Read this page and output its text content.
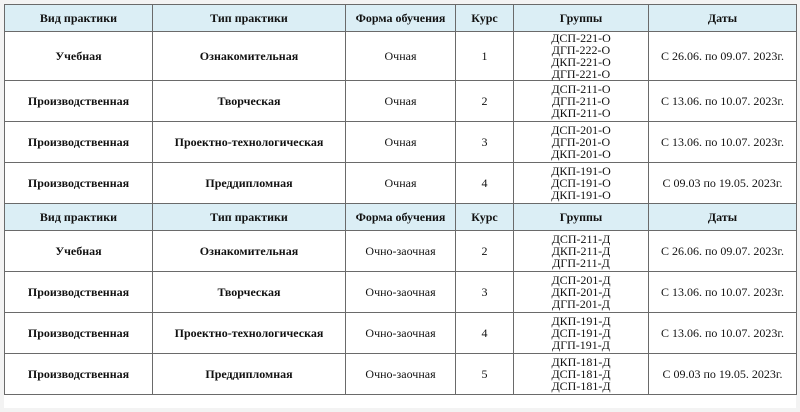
Вид практики	Тип практики	Форма обучения	Курс	Группы	Даты
Учебная	Ознакомительная	Очная	1	ДСП-221-О
ДГП-222-О
ДКП-221-О
ДГП-221-О	С 26.06. по 09.07. 2023г.
Производственная	Творческая	Очная	2	ДСП-211-О
ДГП-211-О
ДКП-211-О	С 13.06. по 10.07. 2023г.
Производственная	Проектно-технологическая	Очная	3	ДСП-201-О
ДГП-201-О
ДКП-201-О	С 13.06. по 10.07. 2023г.
Производственная	Преддипломная	Очная	4	ДКП-191-О
ДСП-191-О
ДКП-191-О	С 09.03 по 19.05. 2023г.
Вид практики	Тип практики	Форма обучения	Курс	Группы	Даты
Учебная	Ознакомительная	Очно-заочная	2	ДСП-211-Д
ДКП-211-Д
ДГП-211-Д	С 26.06. по 09.07. 2023г.
Производственная	Творческая	Очно-заочная	3	ДСП-201-Д
ДКП-201-Д
ДГП-201-Д	С 13.06. по 10.07. 2023г.
Производственная	Проектно-технологическая	Очно-заочная	4	ДКП-191-Д
ДСП-191-Д
ДГП-191-Д	С 13.06. по 10.07. 2023г.
Производственная	Преддипломная	Очно-заочная	5	ДКП-181-Д
ДСП-181-Д
ДСП-181-Д	С 09.03 по 19.05. 2023г.
